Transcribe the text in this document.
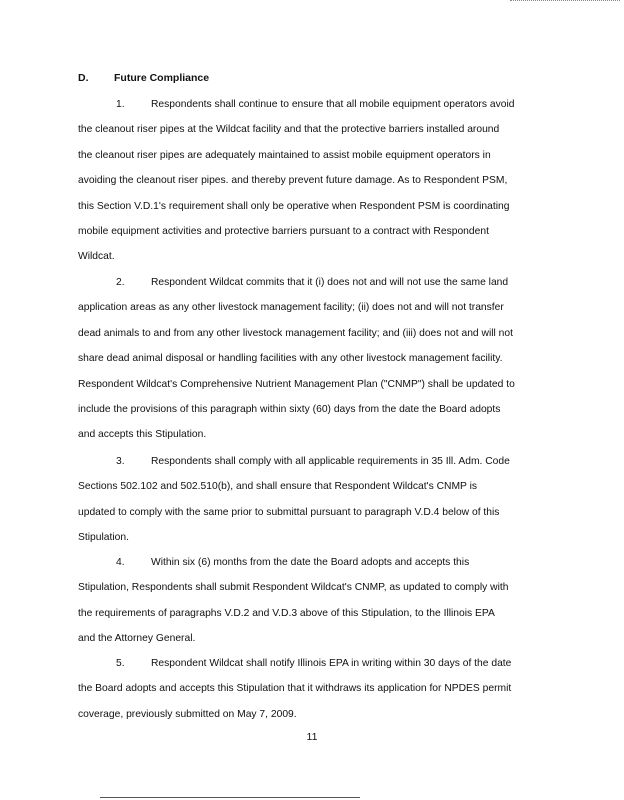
D. Future Compliance
1.	Respondents shall continue to ensure that all mobile equipment operators avoid
the cleanout riser pipes at the Wildcat facility and that the protective barriers installed around
the cleanout riser pipes are adequately maintained to assist mobile equipment operators in
avoiding the cleanout riser pipes. and thereby prevent future damage. As to Respondent PSM,
this Section V.D.1's requirement shall only be operative when Respondent PSM is coordinating
mobile equipment activities and protective barriers pursuant to a contract with Respondent
Wildcat.
2.	Respondent Wildcat commits that it (i) does not and will not use the same land
application areas as any other livestock management facility; (ii) does not and will not transfer
dead animals to and from any other livestock management facility; and (iii) does not and will not
share dead animal disposal or handling facilities with any other livestock management facility.
Respondent Wildcat's Comprehensive Nutrient Management Plan ("CNMP") shall be updated to
include the provisions of this paragraph within sixty (60) days from the date the Board adopts
and accepts this Stipulation.
3.	Respondents shall comply with all applicable requirements in 35 Ill. Adm. Code
Sections 502.102 and 502.510(b), and shall ensure that Respondent Wildcat's CNMP is
updated to comply with the same prior to submittal pursuant to paragraph V.D.4 below of this
Stipulation.
4.	Within six (6) months from the date the Board adopts and accepts this
Stipulation, Respondents shall submit Respondent Wildcat's CNMP, as updated to comply with
the requirements of paragraphs V.D.2 and V.D.3 above of this Stipulation, to the Illinois EPA
and the Attorney General.
5.	Respondent Wildcat shall notify Illinois EPA in writing within 30 days of the date
the Board adopts and accepts this Stipulation that it withdraws its application for NPDES permit
coverage, previously submitted on May 7, 2009.
11
